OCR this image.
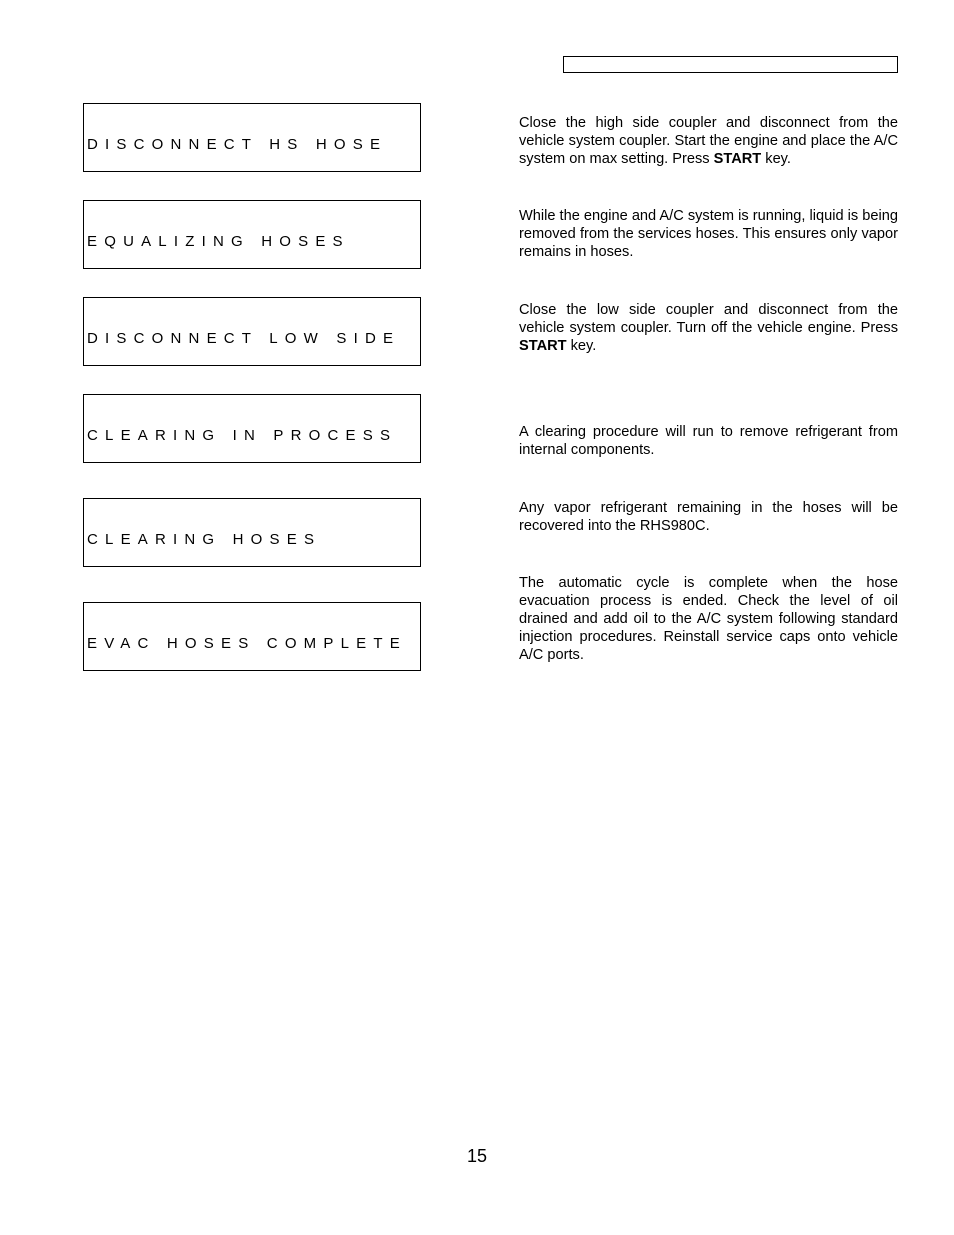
DISCONNECT HS HOSE

EQUALIZING HOSES

DISCONNECT LOW SIDE

CLEARING IN PROCESS

CLEARING HOSES

EVAC HOSES COMPLETE

Close the high side coupler and disconnect from the vehicle system coupler. Start the engine and place the A/C system on max setting. Press START key.
While the engine and A/C system is running, liquid is being removed from the services hoses. This ensures only vapor remains in hoses.
Close the low side coupler and disconnect from the vehicle system coupler. Turn off the vehicle engine. Press START key.
A clearing procedure will run to remove refrigerant from internal components.
Any vapor refrigerant remaining in the hoses will be recovered into the RHS980C.
The automatic cycle is complete when the hose evacuation process is ended. Check the level of oil drained and add oil to the A/C system following standard injection procedures. Reinstall service caps onto vehicle A/C ports.
15
